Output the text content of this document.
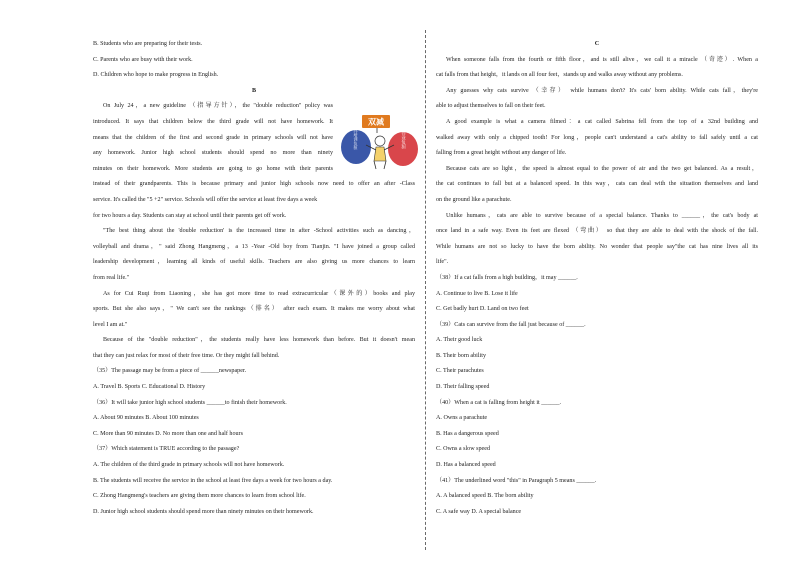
B. Students who are preparing for their tests.

C. Parents who are busy with their work.

D. Children who hope to make progress in English.

B

On July 24，a new guideline （指导方针），the "double reduction" policy was

introduced. It says that children below the third grade will not have homework. It

means that the children of the first and second grade in primary schools will not have

any homework. Junior high school students should spend no more than ninety

minutes on their homework. More students are going to go home with their parents

instead of their grandparents. This is because primary and junior high schools now need to offer an after -Class

service. It's called the "5 +2" service. Schools will offer the service at least five days a week

for two hours a day. Students can stay at school until their parents get off work.

"The best thing about the 'double reduction' is the increased time in after -School activities such as dancing，

volleyball and drama，" said Zhong Hangmeng，a 13 -Year -Old boy from Tianjin. "I have joined a group called

leadership development，learning all kinds of useful skills. Teachers are also giving us more chances to learn

from real life."

As for Cui Ruqi from Liaoning，she has got more time to read extracurricular（课外的）books and play

sports. But she also says，" We can't see the rankings（排名） after each exam. It makes me worry about what

level I am at."

Because of the "double reduction"，the students really have less homework than before. But it doesn't mean

that they can just relax for most of their free time. Or they might fall behind.

（35）The passage may be from a piece of ______newspaper.

A. Travel B. Sports C. Educational D. History

（36）It will take junior high school students ______to finish their homework.

A. About 90 minutes B. About 100 minutes

C. More than 90 minutes D. No more than one and half hours

（37）Which statement is TRUE according to the passage?

A. The children of the third grade in primary schools will not have homework.

B. The students will receive the service in the school at least five days a week for two hours a day.

C. Zhong Hangmeng's teachers are giving them more chances to learn from school life.

D. Junior high school students should spend more than ninety minutes on their homework.

校外培训负担	作业负担
双减

C

When someone falls from the fourth or fifth floor，and is still alive，we call it a miracle （奇迹）. When a

cat falls from that height，it lands on all four feet，stands up and walks away without any problems.

Any guesses why cats survive （幸存） while humans don't? It's cats' born ability. While cats fall，they're

able to adjust themselves to fall on their feet.

A good example is what a camera filmed：a cat called Sabrina fell from the top of a 32nd building and

walked away with only a chipped tooth! For long，people can't understand a cat's ability to fall safely until a cat

falling from a great height without any danger of life.

Because cats are so light，the speed is almost equal to the power of air and the two get balanced. As a result，

the cat continues to fall but at a balanced speed. In this way，cats can deal with the situation themselves and land

on the ground like a parachute.

Unlike humans，cats are able to survive because of a special balance. Thanks to ______，the cat's body at

once land in a safe way. Even its feet are flexed （弯曲） so that they are able to deal with the shock of the fall.

While humans are not so lucky to have the born ability. No wonder that people say"the cat has nine lives all its

life".

（38）If a cat falls from a high building，it may ______.

A. Continue to live B. Lose it life

C. Get badly hurt D. Land on two feet

（39）Cats can survive from the fall just because of ______.

A. Their good luck

B. Their born ability

C. Their parachutes

D. Their falling speed

（40）When a cat is falling from height it ______.

A. Owns a parachute

B. Has a dangerous speed

C. Owns a slow speed

D. Has a balanced speed

（41）The underlined word "this" in Paragraph 5 means ______.

A. A balanced speed B. The born ability

C. A safe way D. A special balance
